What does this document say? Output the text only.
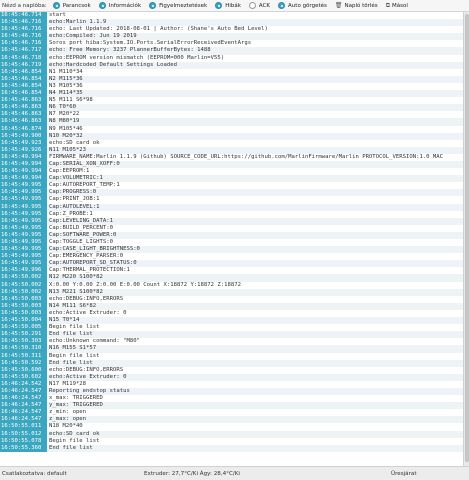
Nézd a naplóba:	Parancsok	Információk	Figyelmeztetések	Hibák	ACK	Auto görgetés 🗑 Napló törlés ⧉ Másol
16:45:46.714	start
16:45:46.716	echo:Marlin 1.1.9
16:45:46.716	echo: Last Updated: 2018-08-01 | Author: (Shane's Auto Bed Level)
16:45:46.716	echo:Compiled: Jun 19 2019
16:45:46.716	Soros port hiba:System.IO.Ports.SerialErrorReceivedEventArgs
16:45:46.717	echo: Free Memory: 3237 PlannerBufferBytes: 1488
16:45:46.718	echo:EEPROM version mismatch (EEPROM=000 Marlin=V55)
16:45:46.719	echo:Hardcoded Default Settings Loaded
16:45:46.854	N1 M110*34
16:45:46.854	N2 M115*36
16:45:46.854	N3 M105*36
16:45:46.854	N4 M114*35
16:45:46.863	N5 M111 S6*98
16:45:46.863	N6 T0*60
16:45:46.863	N7 M20*22
16:45:46.863	N8 M80*19
16:45:46.874	N9 M105*46
16:45:49.900	N10 M20*32
16:45:49.923	echo:SD card ok
16:45:49.926	N11 M105*23
16:45:49.994	FIRMWARE_NAME:Marlin 1.1.9 (Github) SOURCE_CODE_URL:https://github.com/MarlinFirmware/Marlin PROTOCOL_VERSION:1.0 MAC
16:45:49.994	Cap:SERIAL_XON_XOFF:0
16:45:49.994	Cap:EEPROM:1
16:45:49.994	Cap:VOLUMETRIC:1
16:45:49.995	Cap:AUTOREPORT_TEMP:1
16:45:49.995	Cap:PROGRESS:0
16:45:49.995	Cap:PRINT_JOB:1
16:45:49.995	Cap:AUTOLEVEL:1
16:45:49.995	Cap:Z_PROBE:1
16:45:49.995	Cap:LEVELING_DATA:1
16:45:49.995	Cap:BUILD_PERCENT:0
16:45:49.995	Cap:SOFTWARE_POWER:0
16:45:49.995	Cap:TOGGLE_LIGHTS:0
16:45:49.995	Cap:CASE_LIGHT_BRIGHTNESS:0
16:45:49.995	Cap:EMERGENCY_PARSER:0
16:45:49.995	Cap:AUTOREPORT_SD_STATUS:0
16:45:49.996	Cap:THERMAL_PROTECTION:1
16:45:50.002	N12 M220 S100*82
16:45:50.002	X:0.00 Y:0.00 Z:0.00 E:0.00 Count X:18872 Y:18872 Z:18872
16:45:50.002	N13 M221 S100*82
16:45:50.003	echo:DEBUG:INFO,ERRORS
16:45:50.003	N14 M111 S6*82
16:45:50.003	echo:Active Extruder: 0
16:45:50.004	N15 T0*14
16:45:50.005	Begin file list
16:45:50.291	End file list
16:45:50.303	echo:Unknown command: "M80"
16:45:50.310	N16 M155 S1*57
16:45:50.311	Begin file list
16:45:50.592	End file list
16:45:50.600	echo:DEBUG:INFO,ERRORS
16:45:50.602	echo:Active Extruder: 0
16:46:24.542	N17 M119*28
16:46:24.547	Reporting endstop status
16:46:24.547	x_max: TRIGGERED
16:46:24.547	y_max: TRIGGERED
16:46:24.547	z_min: open
16:46:24.547	z_max: open
16:50:55.011	N18 M20*40
16:50:55.012	echo:SD card ok
16:50:55.078	Begin file list
16:50:55.360	End file list
Csatlakoztatva: default	Extruder: 27,7°C/Ki Ágy: 28,4°C/Ki	Üresjárat
